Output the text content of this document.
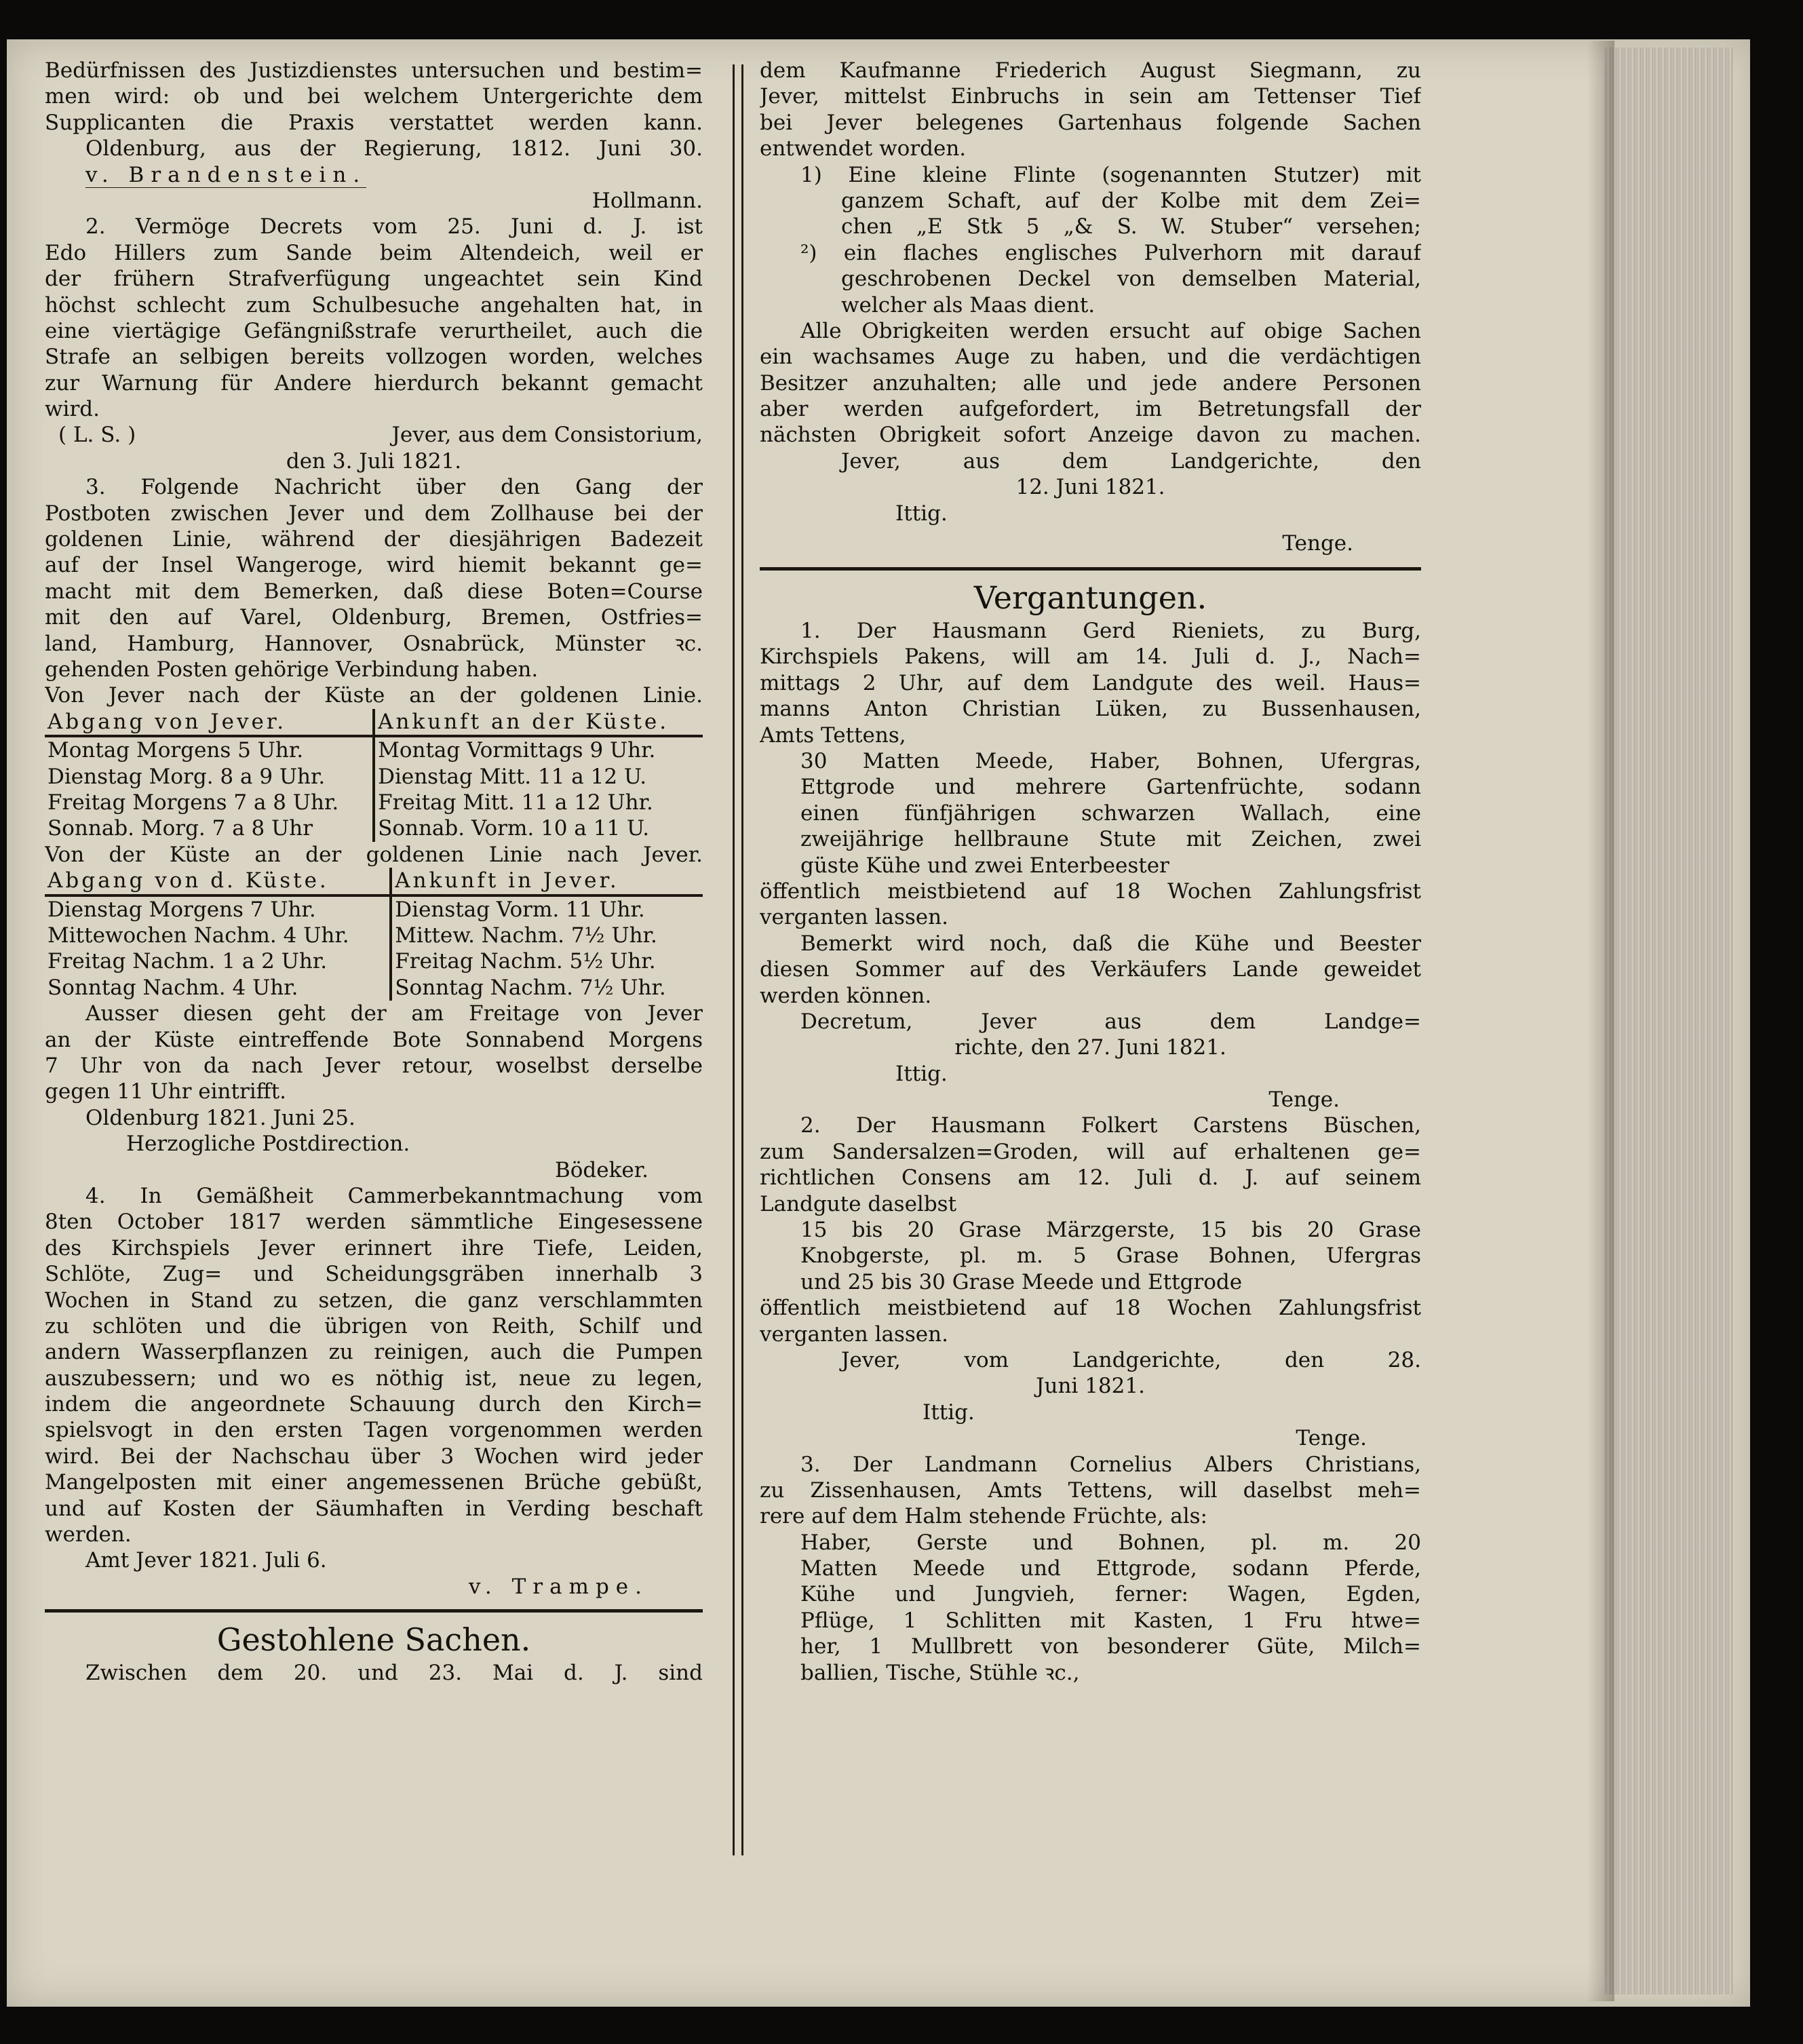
Bedürfnissen des Justizdienstes untersuchen und bestim=
men wird: ob und bei welchem Untergerichte dem
Supplicanten die Praxis verstattet werden kann.
Oldenburg, aus der Regierung, 1812. Juni 30.
v. Brandenstein.
Hollmann.
2. Vermöge Decrets vom 25. Juni d. J. ist
Edo Hillers zum Sande beim Altendeich, weil er
der frühern Strafverfügung ungeachtet sein Kind
höchst schlecht zum Schulbesuche angehalten hat, in
eine viertägige Gefängnißstrafe verurtheilet, auch die
Strafe an selbigen bereits vollzogen worden, welches
zur Warnung für Andere hierdurch bekannt gemacht
wird.
( L. S. )	Jever, aus dem Consistorium,
den 3. Juli 1821.
3. Folgende Nachricht über den Gang der
Postboten zwischen Jever und dem Zollhause bei der
goldenen Linie, während der diesjährigen Badezeit
auf der Insel Wangeroge, wird hiemit bekannt ge=
macht mit dem Bemerken, daß diese Boten=Course
mit den auf Varel, Oldenburg, Bremen, Ostfries=
land, Hamburg, Hannover, Osnabrück, Münster ꝛc.
gehenden Posten gehörige Verbindung haben.
Von Jever nach der Küste an der goldenen Linie.
Abgang von Jever.	Ankunft an der Küste.
Montag Morgens 5 Uhr.	Montag Vormittags 9 Uhr.
Dienstag Morg. 8 a 9 Uhr.	Dienstag Mitt. 11 a 12 U.
Freitag Morgens 7 a 8 Uhr.	Freitag Mitt. 11 a 12 Uhr.
Sonnab. Morg. 7 a 8 Uhr	Sonnab. Vorm. 10 a 11 U.
Von der Küste an der goldenen Linie nach Jever.
Abgang von d. Küste.	Ankunft in Jever.
Dienstag Morgens 7 Uhr.	Dienstag Vorm. 11 Uhr.
Mittewochen Nachm. 4 Uhr.	Mittew. Nachm. 7½ Uhr.
Freitag Nachm. 1 a 2 Uhr.	Freitag Nachm. 5½ Uhr.
Sonntag Nachm. 4 Uhr.	Sonntag Nachm. 7½ Uhr.
Ausser diesen geht der am Freitage von Jever
an der Küste eintreffende Bote Sonnabend Morgens
7 Uhr von da nach Jever retour, woselbst derselbe
gegen 11 Uhr eintrifft.
Oldenburg 1821. Juni 25.
Herzogliche Postdirection.
Bödeker.
4. In Gemäßheit Cammerbekanntmachung vom
8ten October 1817 werden sämmtliche Eingesessene
des Kirchspiels Jever erinnert ihre Tiefe, Leiden,
Schlöte, Zug= und Scheidungsgräben innerhalb 3
Wochen in Stand zu setzen, die ganz verschlammten
zu schlöten und die übrigen von Reith, Schilf und
andern Wasserpflanzen zu reinigen, auch die Pumpen
auszubessern; und wo es nöthig ist, neue zu legen,
indem die angeordnete Schauung durch den Kirch=
spielsvogt in den ersten Tagen vorgenommen werden
wird. Bei der Nachschau über 3 Wochen wird jeder
Mangelposten mit einer angemessenen Brüche gebüßt,
und auf Kosten der Säumhaften in Verding beschaft
werden.
Amt Jever 1821. Juli 6.
v. Trampe.
Gestohlene Sachen.
Zwischen dem 20. und 23. Mai d. J. sind
dem Kaufmanne Friederich August Siegmann, zu
Jever, mittelst Einbruchs in sein am Tettenser Tief
bei Jever belegenes Gartenhaus folgende Sachen
entwendet worden.
1) Eine kleine Flinte (sogenannten Stutzer) mit
ganzem Schaft, auf der Kolbe mit dem Zei=
chen „E Stk 5 „& S. W. Stuber“ versehen;
²) ein flaches englisches Pulverhorn mit darauf
geschrobenen Deckel von demselben Material,
welcher als Maas dient.
Alle Obrigkeiten werden ersucht auf obige Sachen
ein wachsames Auge zu haben, und die verdächtigen
Besitzer anzuhalten; alle und jede andere Personen
aber werden aufgefordert, im Betretungsfall der
nächsten Obrigkeit sofort Anzeige davon zu machen.
Jever, aus dem Landgerichte, den
12. Juni 1821.
Ittig.
Tenge.
Vergantungen.
1. Der Hausmann Gerd Rieniets, zu Burg,
Kirchspiels Pakens, will am 14. Juli d. J., Nach=
mittags 2 Uhr, auf dem Landgute des weil. Haus=
manns Anton Christian Lüken, zu Bussenhausen,
Amts Tettens,
30 Matten Meede, Haber, Bohnen, Ufergras,
Ettgrode und mehrere Gartenfrüchte, sodann
einen fünfjährigen schwarzen Wallach, eine
zweijährige hellbraune Stute mit Zeichen, zwei
güste Kühe und zwei Enterbeester
öffentlich meistbietend auf 18 Wochen Zahlungsfrist
verganten lassen.
Bemerkt wird noch, daß die Kühe und Beester
diesen Sommer auf des Verkäufers Lande geweidet
werden können.
Decretum, Jever aus dem Landge=
richte, den 27. Juni 1821.
Ittig.
Tenge.
2. Der Hausmann Folkert Carstens Büschen,
zum Sandersalzen=Groden, will auf erhaltenen ge=
richtlichen Consens am 12. Juli d. J. auf seinem
Landgute daselbst
15 bis 20 Grase Märzgerste, 15 bis 20 Grase
Knobgerste, pl. m. 5 Grase Bohnen, Ufergras
und 25 bis 30 Grase Meede und Ettgrode
öffentlich meistbietend auf 18 Wochen Zahlungsfrist
verganten lassen.
Jever, vom Landgerichte, den 28.
Juni 1821.
Ittig.
Tenge.
3. Der Landmann Cornelius Albers Christians,
zu Zissenhausen, Amts Tettens, will daselbst meh=
rere auf dem Halm stehende Früchte, als:
Haber, Gerste und Bohnen, pl. m. 20
Matten Meede und Ettgrode, sodann Pferde,
Kühe und Jungvieh, ferner: Wagen, Egden,
Pflüge, 1 Schlitten mit Kasten, 1 Fru htwe=
her, 1 Mullbrett von besonderer Güte, Milch=
ballien, Tische, Stühle ꝛc.,
